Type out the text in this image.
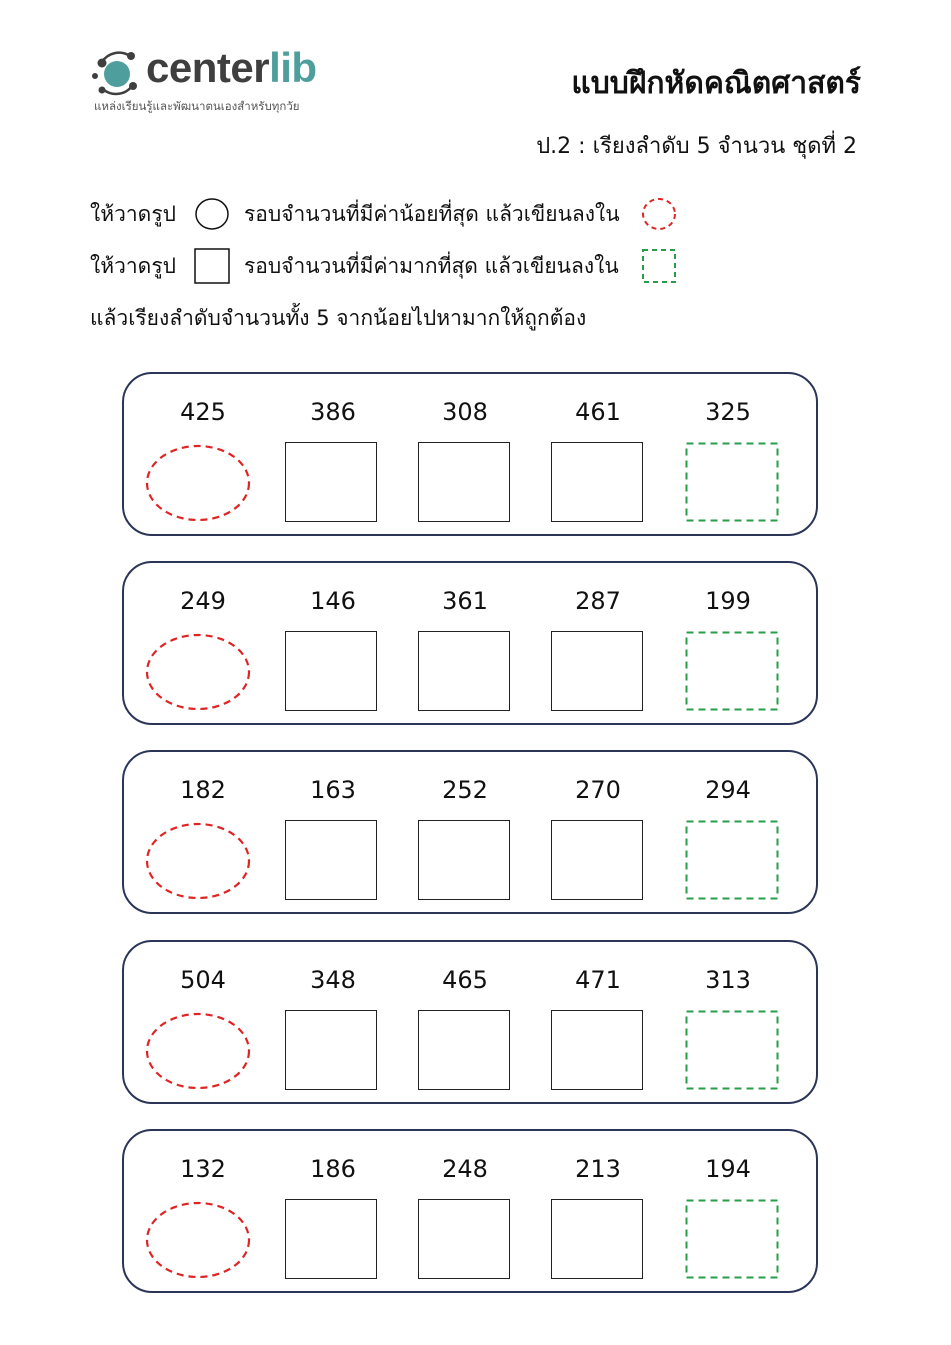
centerlib
แหล่งเรียนรู้และพัฒนาตนเองสำหรับทุกวัย
แบบฝึกหัดคณิตศาสตร์
ป.2 : เรียงลำดับ 5 จำนวน ชุดที่ 2
ให้วาดรูป	รอบจำนวนที่มีค่าน้อยที่สุด แล้วเขียนลงใน
ให้วาดรูป	รอบจำนวนที่มีค่ามากที่สุด แล้วเขียนลงใน
แล้วเรียงลำดับจำนวนทั้ง 5 จากน้อยไปหามากให้ถูกต้อง
425	386	308	461	325
249	146	361	287	199
182	163	252	270	294
504	348	465	471	313
132	186	248	213	194
